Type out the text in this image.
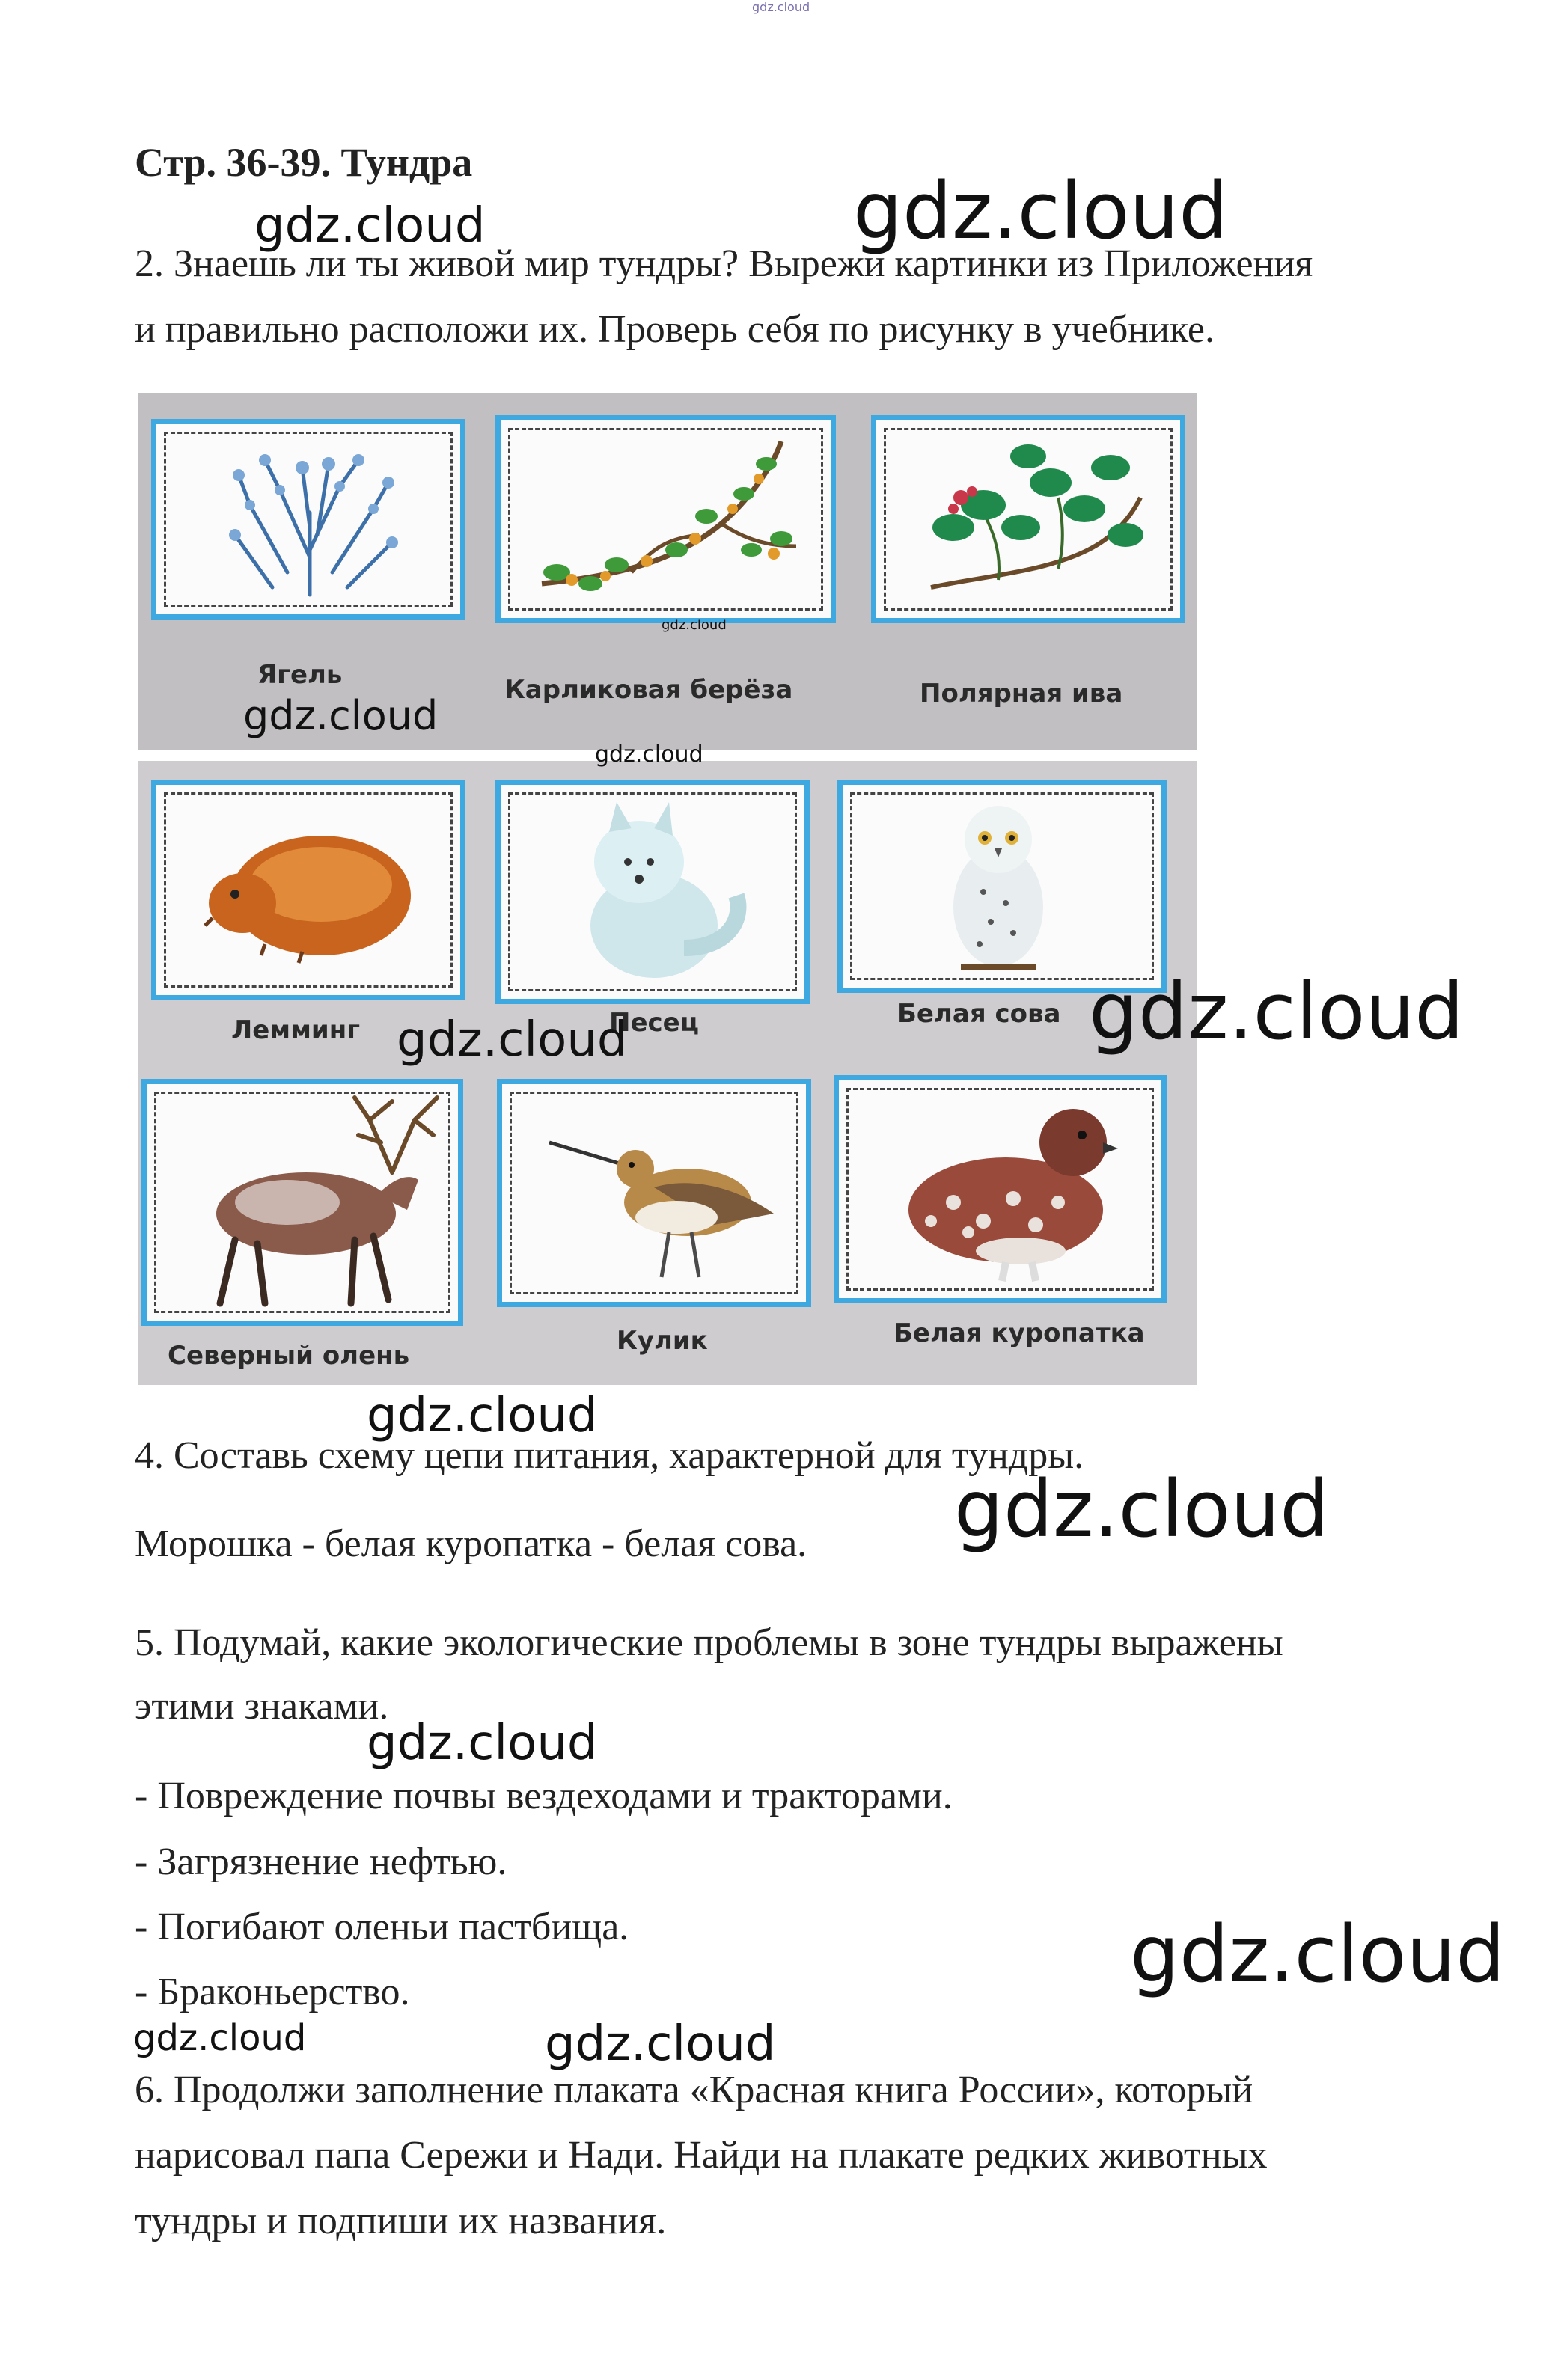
gdz.cloud
Стр. 36-39. Тундра
2. Знаешь ли ты живой мир тундры? Вырежи картинки из Приложения
и правильно расположи их. Проверь себя по рисунку в учебнике.
Ягель
gdz.cloud
Карликовая берёза	Полярная ива
Лемминг	Песец	Белая сова
Северный олень	Кулик	Белая куропатка
4. Составь схему цепи питания, характерной для тундры.
Морошка - белая куропатка - белая сова.
5. Подумай, какие экологические проблемы в зоне тундры выражены
этими знаками.
- Повреждение почвы вездеходами и тракторами.
- Загрязнение нефтью.
- Погибают оленьи пастбища.
- Браконьерство.
6. Продолжи заполнение плаката «Красная книга России», который
нарисовал папа Сережи и Нади. Найди на плакате редких животных
тундры и подпиши их названия.
gdz.cloud	gdz.cloud
gdz.cloud
gdz.cloud
gdz.cloud	gdz.cloud
gdz.cloud
gdz.cloud
gdz.cloud
gdz.cloud
gdz.cloud	gdz.cloud
